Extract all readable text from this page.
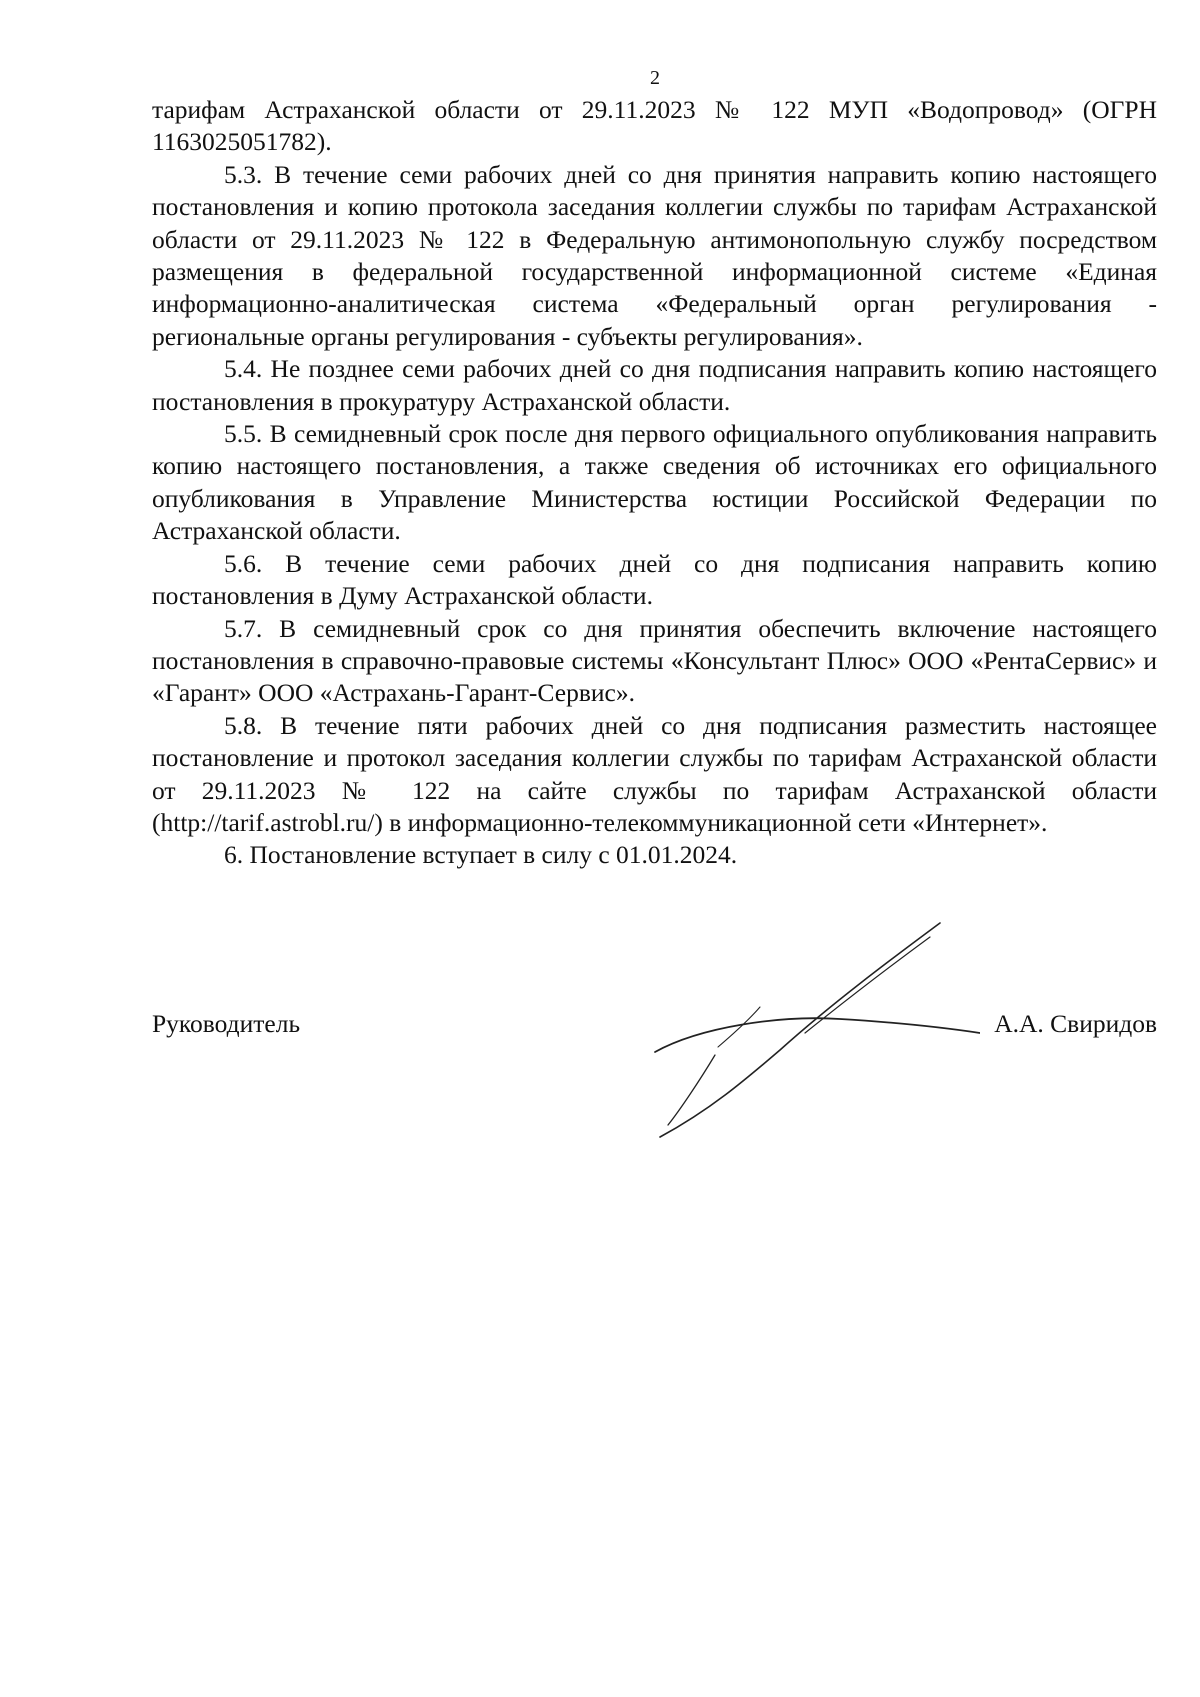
2

тарифам Астраханской области от 29.11.2023 № 122 МУП «Водопровод» (ОГРН 1163025051782).

5.3. В течение семи рабочих дней со дня принятия направить копию настоящего постановления и копию протокола заседания коллегии службы по тарифам Астраханской области от 29.11.2023 № 122 в Федеральную антимонопольную службу посредством размещения в федеральной государственной информационной системе «Единая информационно-аналитическая система «Федеральный орган регулирования - региональные органы регулирования - субъекты регулирования».

5.4. Не позднее семи рабочих дней со дня подписания направить копию настоящего постановления в прокуратуру Астраханской области.

5.5. В семидневный срок после дня первого официального опубликования направить копию настоящего постановления, а также сведения об источниках его официального опубликования в Управление Министерства юстиции Российской Федерации по Астраханской области.

5.6. В течение семи рабочих дней со дня подписания направить копию постановления в Думу Астраханской области.

5.7. В семидневный срок со дня принятия обеспечить включение настоящего постановления в справочно-правовые системы «Консультант Плюс» ООО «РентаСервис» и «Гарант» ООО «Астрахань-Гарант-Сервис».

5.8. В течение пяти рабочих дней со дня подписания разместить настоящее постановление и протокол заседания коллегии службы по тарифам Астраханской области от 29.11.2023 № 122 на сайте службы по тарифам Астраханской области (http://tarif.astrobl.ru/) в информационно-телекоммуникационной сети «Интернет».

6. Постановление вступает в силу с 01.01.2024.

Руководитель	А.А. Свиридов
